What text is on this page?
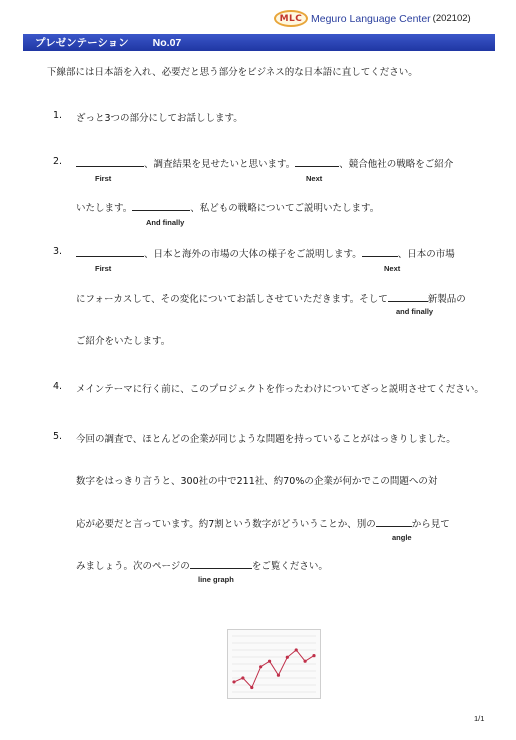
MLC Meguro Language Center (202102)
プレゼンテーション No.07
下線部には日本語を入れ、必要だと思う部分をビジネス的な日本語に直してください。
1. ざっと3つの部分にしてお話しします。
2.	、調査結果を見せたいと思います。	、競合他社の戦略をご紹介
First	Next
いたします。	、私どもの戦略についてご説明いたします。
And finally
3.	、日本と海外の市場の大体の様子をご説明します。	、日本の市場
First	Next
にフォーカスして、その変化についてお話しさせていただきます。そして	新製品の
and finally
ご紹介をいたします。
4. メインテーマに行く前に、このプロジェクトを作ったわけについてざっと説明させてください。
5. 今回の調査で、ほとんどの企業が同じような問題を持っていることがはっきりしました。
数字をはっきり言うと、300社の中で211社、約70%の企業が何かでこの問題への対
応が必要だと言っています。約7割という数字がどういうことか、別の	から見て
angle
みましょう。次のページの	をご覧ください。
line graph
1/1
